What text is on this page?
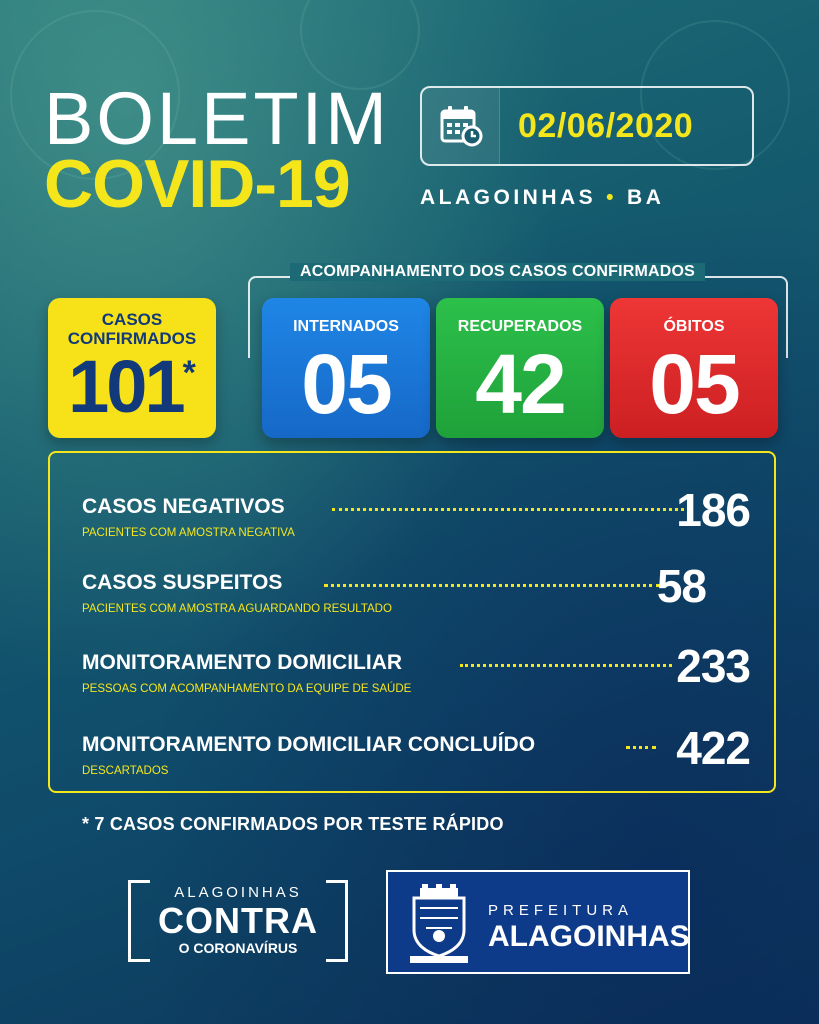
BOLETIM
COVID-19
02/06/2020
ALAGOINHAS • BA
CASOS
CONFIRMADOS
101*
ACOMPANHAMENTO DOS CASOS CONFIRMADOS
INTERNADOS
05
RECUPERADOS
42
ÓBITOS
05
CASOS NEGATIVOS	186
PACIENTES COM AMOSTRA NEGATIVA
CASOS SUSPEITOS	58
PACIENTES COM AMOSTRA AGUARDANDO RESULTADO
MONITORAMENTO DOMICILIAR	233
PESSOAS COM ACOMPANHAMENTO DA EQUIPE DE SAÚDE
MONITORAMENTO DOMICILIAR CONCLUÍDO	422
DESCARTADOS
* 7 CASOS CONFIRMADOS POR TESTE RÁPIDO
ALAGOINHAS
CONTRA
O CORONAVÍRUS
PREFEITURA
ALAGOINHAS
